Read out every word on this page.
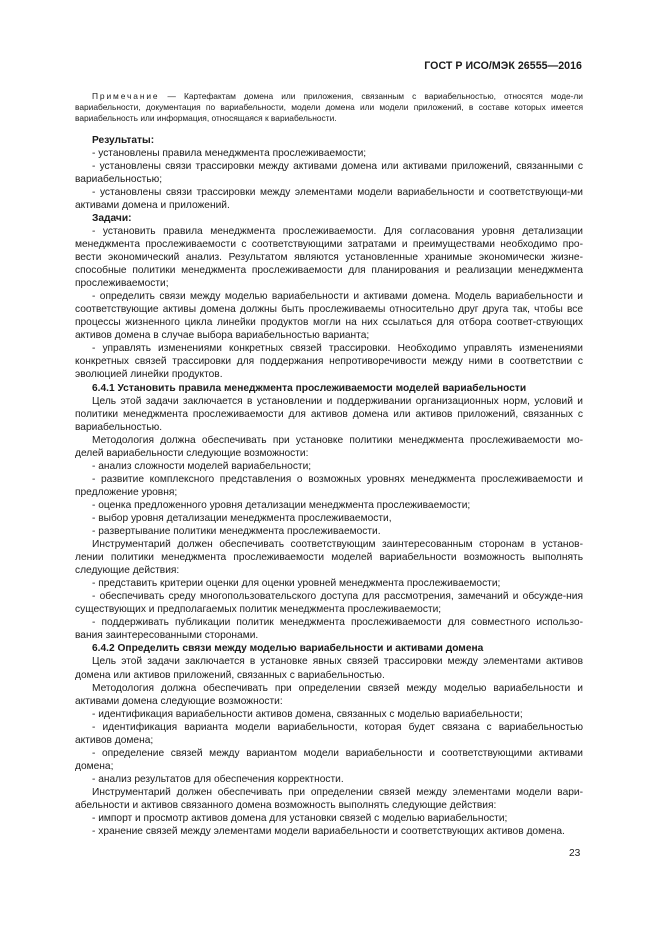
ГОСТ Р ИСО/МЭК 26555—2016
Примечание — Картефактам домена или приложения, связанным с вариабельностью, относятся моде-ли вариабельности, документация по вариабельности, модели домена или модели приложений, в составе которых имеется вариабельность или информация, относящаяся к вариабельности.

Результаты:

- установлены правила менеджмента прослеживаемости;

- установлены связи трассировки между активами домена или активами приложений, связанными с вариабельностью;

- установлены связи трассировки между элементами модели вариабельности и соответствующи-ми активами домена и приложений.

Задачи:

- установить правила менеджмента прослеживаемости. Для согласования уровня детализации менеджмента прослеживаемости с соответствующими затратами и преимуществами необходимо про-вести экономический анализ. Результатом являются установленные хранимые экономически жизне-способные политики менеджмента прослеживаемости для планирования и реализации менеджмента прослеживаемости;

- определить связи между моделью вариабельности и активами домена. Модель вариабельности и соответствующие активы домена должны быть прослеживаемы относительно друг друга так, чтобы все процессы жизненного цикла линейки продуктов могли на них ссылаться для отбора соответ-ствующих активов домена в случае выбора вариабельностью варианта;

- управлять изменениями конкретных связей трассировки. Необходимо управлять изменениями конкретных связей трассировки для поддержания непротиворечивости между ними в соответствии с эволюцией линейки продуктов.

6.4.1 Установить правила менеджмента прослеживаемости моделей вариабельности

Цель этой задачи заключается в установлении и поддерживании организационных норм, условий и политики менеджмента прослеживаемости для активов домена или активов приложений, связанных с вариабельностью.

Методология должна обеспечивать при установке политики менеджмента прослеживаемости мо-делей вариабельности следующие возможности:

- анализ сложности моделей вариабельности;

- развитие комплексного представления о возможных уровнях менеджмента прослеживаемости и предложение уровня;

- оценка предложенного уровня детализации менеджмента прослеживаемости;

- выбор уровня детализации менеджмента прослеживаемости,

- развертывание политики менеджмента прослеживаемости.

Инструментарий должен обеспечивать соответствующим заинтересованным сторонам в установ-лении политики менеджмента прослеживаемости моделей вариабельности возможность выполнять следующие действия:

- представить критерии оценки для оценки уровней менеджмента прослеживаемости;

- обеспечивать среду многопользовательского доступа для рассмотрения, замечаний и обсужде-ния существующих и предполагаемых политик менеджмента прослеживаемости;

- поддерживать публикации политик менеджмента прослеживаемости для совместного использо-вания заинтересованными сторонами.

6.4.2 Определить связи между моделью вариабельности и активами домена

Цель этой задачи заключается в установке явных связей трассировки между элементами активов домена или активов приложений, связанных с вариабельностью.

Методология должна обеспечивать при определении связей между моделью вариабельности и активами домена следующие возможности:

- идентификация вариабельности активов домена, связанных с моделью вариабельности;

- идентификация варианта модели вариабельности, которая будет связана с вариабельностью активов домена;

- определение связей между вариантом модели вариабельности и соответствующими активами домена;

- анализ результатов для обеспечения корректности.

Инструментарий должен обеспечивать при определении связей между элементами модели вари-абельности и активов связанного домена возможность выполнять следующие действия:

- импорт и просмотр активов домена для установки связей с моделью вариабельности;

- хранение связей между элементами модели вариабельности и соответствующих активов домена.

23
